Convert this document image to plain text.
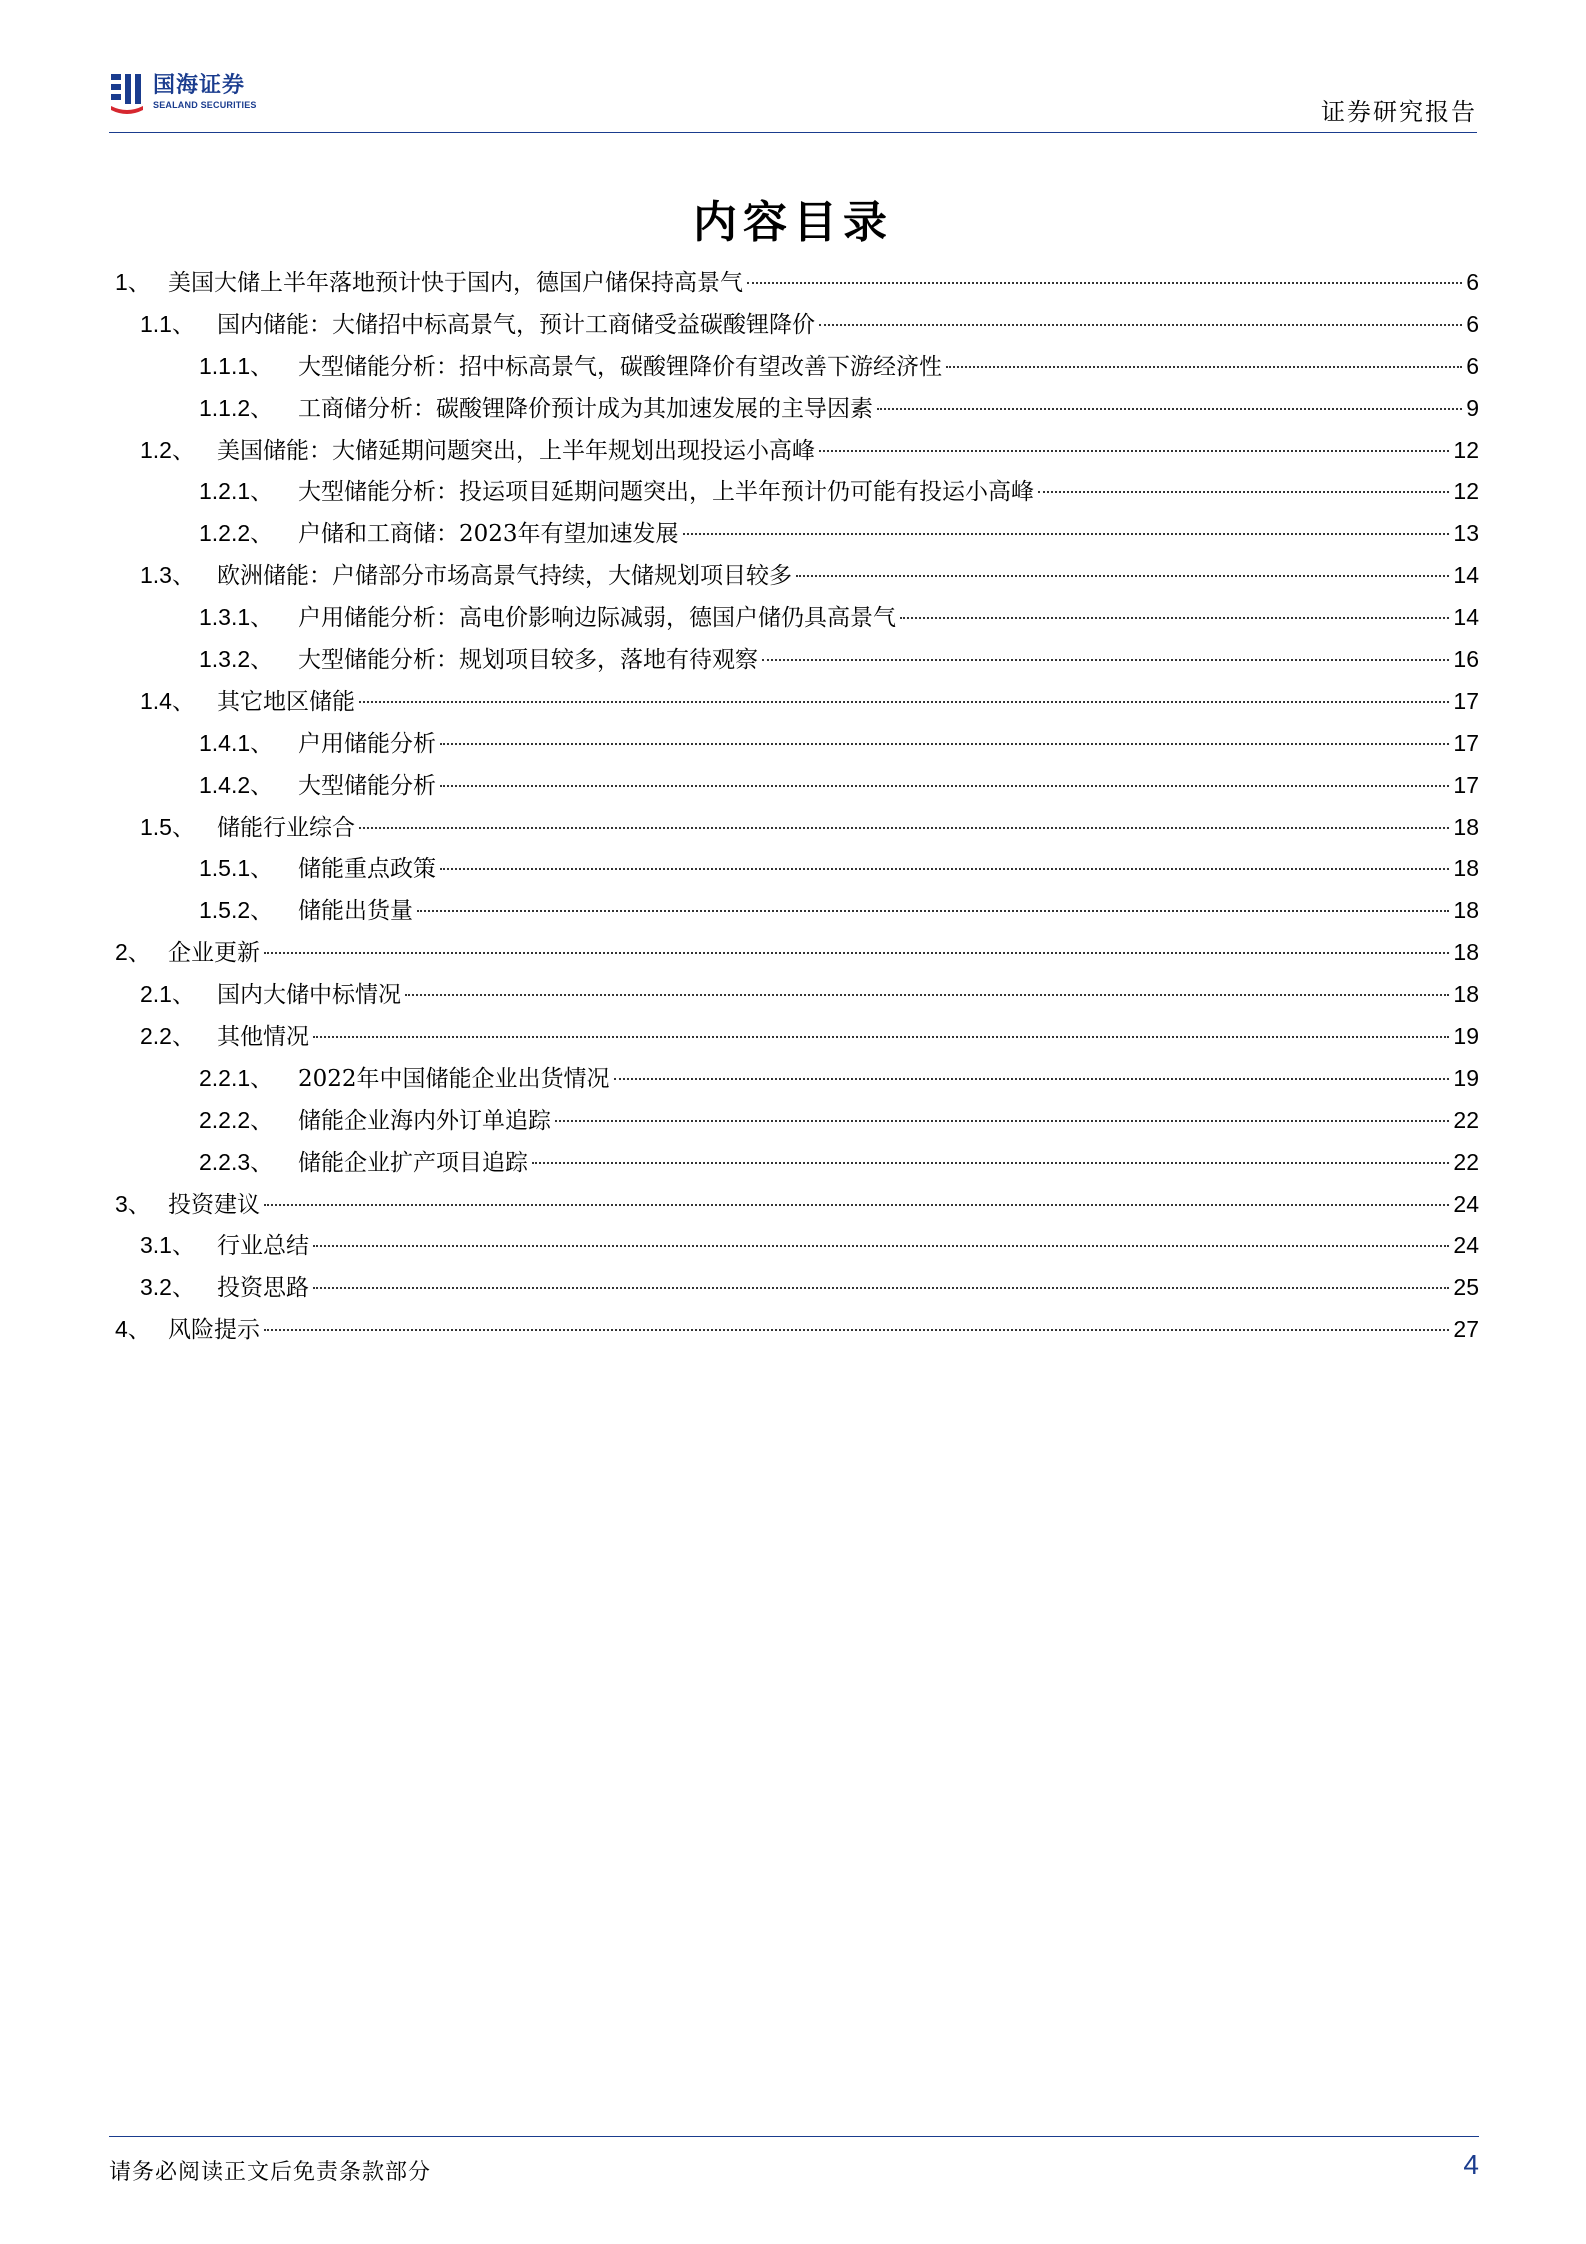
国海证券
SEALAND SECURITIES	证券研究报告
内容目录
1、 美国大储上半年落地预计快于国内，德国户储保持高景气	6
1.1、 国内储能：大储招中标高景气，预计工商储受益碳酸锂降价	6
1.1.1、	大型储能分析：招中标高景气，碳酸锂降价有望改善下游经济性	6
1.1.2、	工商储分析：碳酸锂降价预计成为其加速发展的主导因素	9
1.2、 美国储能：大储延期问题突出，上半年规划出现投运小高峰	12
1.2.1、	大型储能分析：投运项目延期问题突出，上半年预计仍可能有投运小高峰	12
1.2.2、	户储和工商储：2023年有望加速发展	13
1.3、 欧洲储能：户储部分市场高景气持续，大储规划项目较多	14
1.3.1、	户用储能分析：高电价影响边际减弱，德国户储仍具高景气	14
1.3.2、	大型储能分析：规划项目较多，落地有待观察	16
1.4、 其它地区储能	17
1.4.1、	户用储能分析	17
1.4.2、	大型储能分析	17
1.5、 储能行业综合	18
1.5.1、	储能重点政策	18
1.5.2、	储能出货量	18
2、 企业更新	18
2.1、 国内大储中标情况	18
2.2、 其他情况	19
2.2.1、	2022年中国储能企业出货情况	19
2.2.2、	储能企业海内外订单追踪	22
2.2.3、	储能企业扩产项目追踪	22
3、 投资建议	24
3.1、 行业总结	24
3.2、 投资思路	25
4、 风险提示	27
请务必阅读正文后免责条款部分	4
